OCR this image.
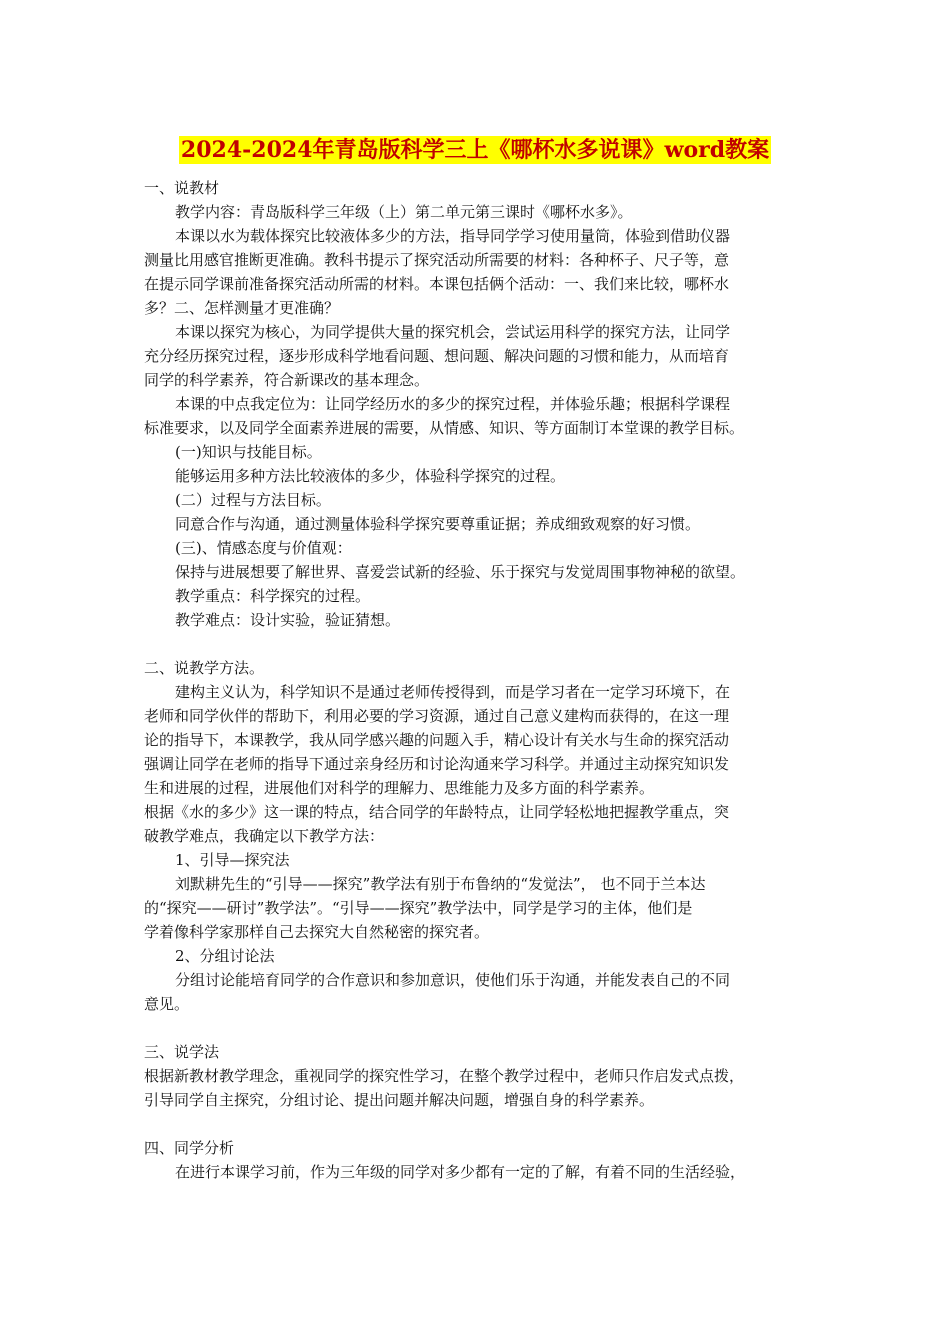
2024-2024年青岛版科学三上《哪杯水多说课》word教案
一、说教材
教学内容：青岛版科学三年级（上）第二单元第三课时《哪杯水多》。
本课以水为载体探究比较液体多少的方法，指导同学学习使用量筒，体验到借助仪器
测量比用感官推断更准确。教科书提示了探究活动所需要的材料：各种杯子、尺子等，意
在提示同学课前准备探究活动所需的材料。本课包括俩个活动：一、我们来比较，哪杯水
多？二、怎样测量才更准确？
本课以探究为核心，为同学提供大量的探究机会，尝试运用科学的探究方法，让同学
充分经历探究过程，逐步形成科学地看问题、想问题、解决问题的习惯和能力，从而培育
同学的科学素养，符合新课改的基本理念。
本课的中点我定位为：让同学经历水的多少的探究过程，并体验乐趣；根据科学课程
标准要求，以及同学全面素养进展的需要，从情感、知识、等方面制订本堂课的教学目标。
(一)知识与技能目标。
能够运用多种方法比较液体的多少，体验科学探究的过程。
(二）过程与方法目标。
同意合作与沟通，通过测量体验科学探究要尊重证据；养成细致观察的好习惯。
(三)、情感态度与价值观：
保持与进展想要了解世界、喜爱尝试新的经验、乐于探究与发觉周围事物神秘的欲望。
教学重点：科学探究的过程。
教学难点：设计实验，验证猜想。
二、说教学方法。
建构主义认为，科学知识不是通过老师传授得到，而是学习者在一定学习环境下，在
老师和同学伙伴的帮助下，利用必要的学习资源，通过自己意义建构而获得的，在这一理
论的指导下，本课教学，我从同学感兴趣的问题入手，精心设计有关水与生命的探究活动
强调让同学在老师的指导下通过亲身经历和讨论沟通来学习科学。并通过主动探究知识发
生和进展的过程，进展他们对科学的理解力、思维能力及多方面的科学素养。
根据《水的多少》这一课的特点，结合同学的年龄特点，让同学轻松地把握教学重点，突
破教学难点，我确定以下教学方法：
1、引导—探究法
刘默耕先生的“引导——探究”教学法有别于布鲁纳的“发觉法”， 也不同于兰本达
的“探究——研讨”教学法”。“引导——探究”教学法中，同学是学习的主体，他们是
学着像科学家那样自己去探究大自然秘密的探究者。
2、分组讨论法
分组讨论能培育同学的合作意识和参加意识，使他们乐于沟通，并能发表自己的不同
意见。
三、说学法
根据新教材教学理念，重视同学的探究性学习，在整个教学过程中，老师只作启发式点拨，
引导同学自主探究，分组讨论、提出问题并解决问题，增强自身的科学素养。
四、同学分析
在进行本课学习前，作为三年级的同学对多少都有一定的了解，有着不同的生活经验，
